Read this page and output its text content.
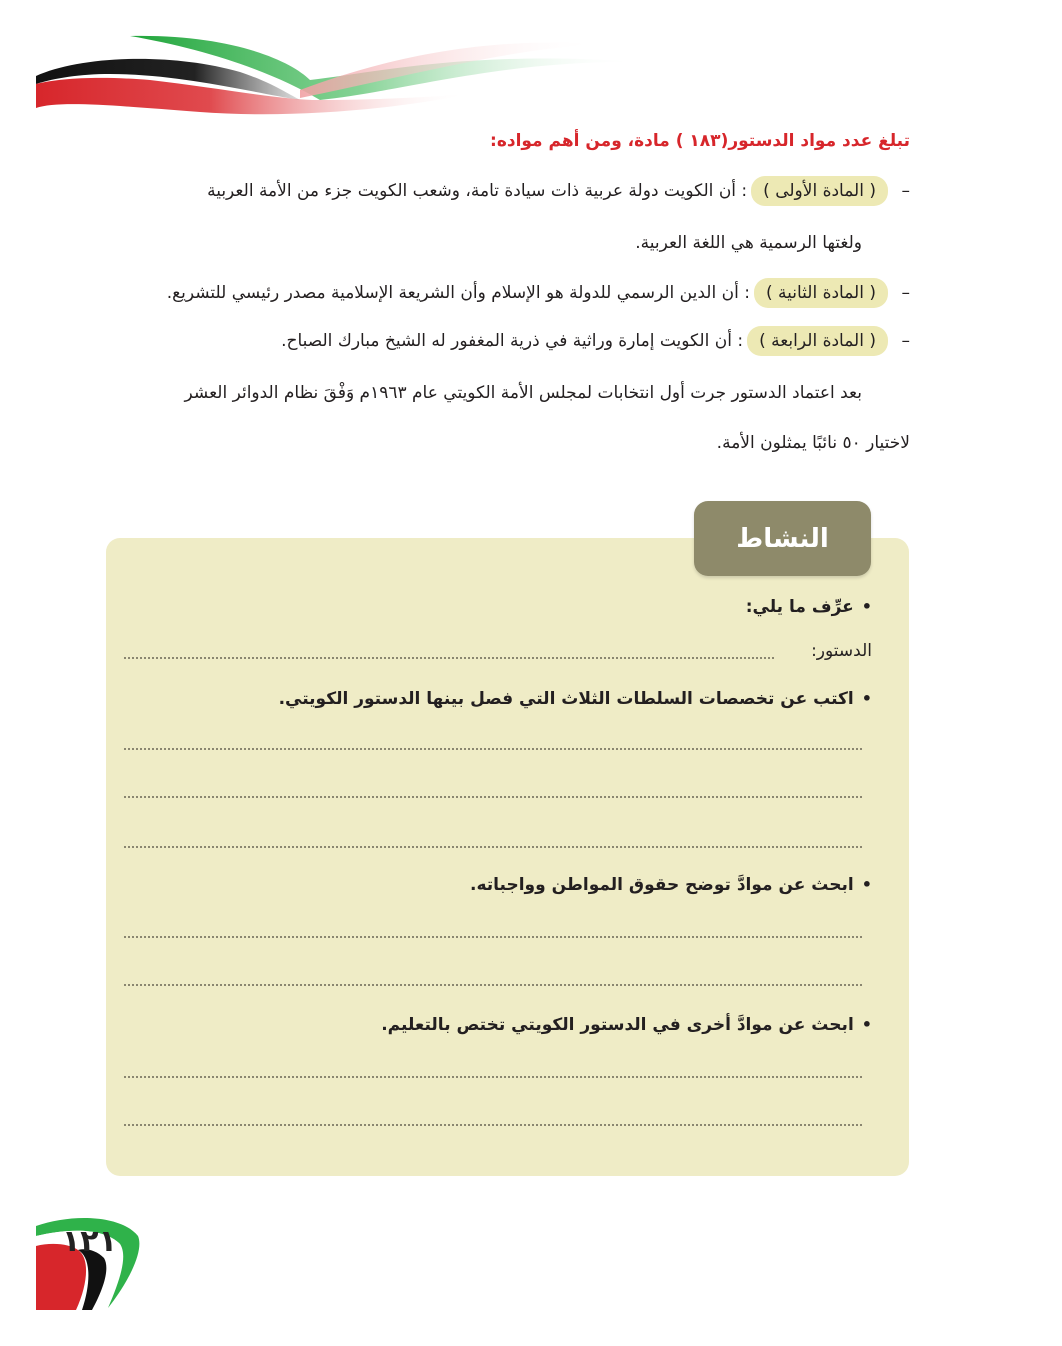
تبلغ عدد مواد الدستور(١٨٣ ) مادة، ومن أهم مواده:
–( المادة الأولى ): أن الكويت دولة عربية ذات سيادة تامة، وشعب الكويت جزء من الأمة العربية
ولغتها الرسمية هي اللغة العربية.
–( المادة الثانية ): أن الدين الرسمي للدولة هو الإسلام وأن الشريعة الإسلامية مصدر رئيسي للتشريع.
–( المادة الرابعة ): أن الكويت إمارة وراثية في ذرية المغفور له الشيخ مبارك الصباح.
بعد اعتماد الدستور جرت أول انتخابات لمجلس الأمة الكويتي عام ١٩٦٣م وَفْقَ نظام الدوائر العشر
لاختيار ٥٠ نائبًا يمثلون الأمة.
النشاط
•عرِّف ما يلي:
الدستور:
•اكتب عن تخصصات السلطات الثلاث التي فصل بينها الدستور الكويتي.
•ابحث عن موادَّ توضح حقوق المواطن وواجباته.
•ابحث عن موادَّ أخرى في الدستور الكويتي تختص بالتعليم.
١٢١
